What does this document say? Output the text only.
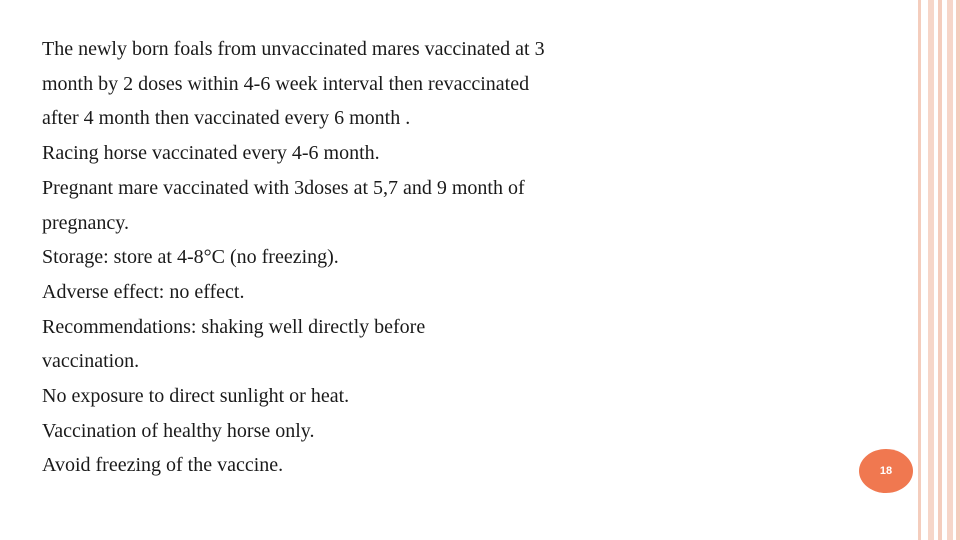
The newly born foals from unvaccinated mares vaccinated at 3
month by 2 doses within 4-6 week interval then revaccinated
after 4 month then vaccinated every 6 month .
Racing horse vaccinated every 4-6 month.
Pregnant mare vaccinated with 3doses at 5,7 and 9 month of
pregnancy.
Storage: store at 4-8°C (no freezing).
Adverse effect: no effect.
Recommendations: shaking well directly before
vaccination.
No exposure to direct sunlight or heat.
Vaccination of healthy horse only.
Avoid freezing of the vaccine.	18
